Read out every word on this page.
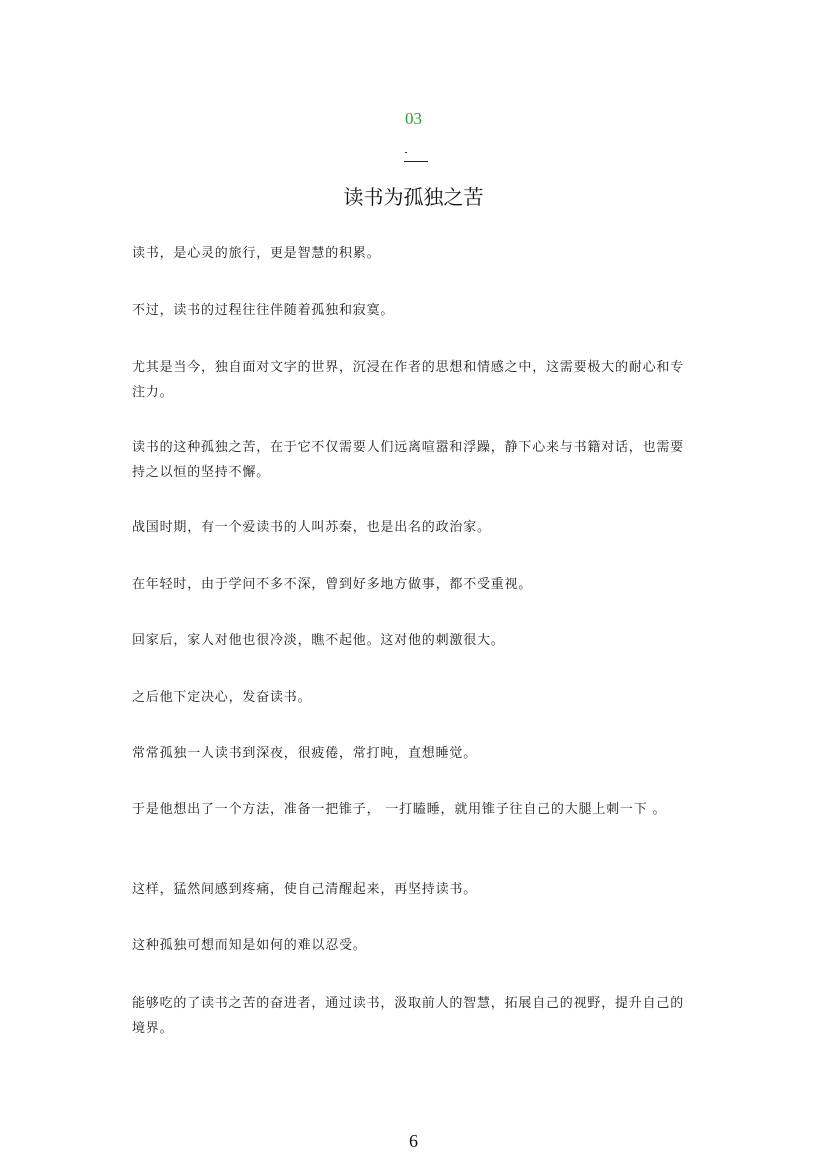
03
读书为孤独之苦

读书，是心灵的旅行，更是智慧的积累。

不过，读书的过程往往伴随着孤独和寂寞。

尤其是当今，独自面对文字的世界，沉浸在作者的思想和情感之中，这需要极大的耐心和专注力。

读书的这种孤独之苦，在于它不仅需要人们远离喧嚣和浮躁，静下心来与书籍对话，也需要持之以恒的坚持不懈。

战国时期，有一个爱读书的人叫苏秦，也是出名的政治家。

在年轻时，由于学问不多不深，曾到好多地方做事，都不受重视。

回家后，家人对他也很冷淡，瞧不起他。这对他的刺激很大。

之后他下定决心，发奋读书。

常常孤独一人读书到深夜，很疲倦，常打盹，直想睡觉。

于是他想出了一个方法，准备一把锥子， 一打瞌睡，就用锥子往自己的大腿上刺一下 。

这样，猛然间感到疼痛，使自己清醒起来，再坚持读书。

这种孤独可想而知是如何的难以忍受。

能够吃的了读书之苦的奋进者，通过读书，汲取前人的智慧，拓展自己的视野，提升自己的境界。

6
